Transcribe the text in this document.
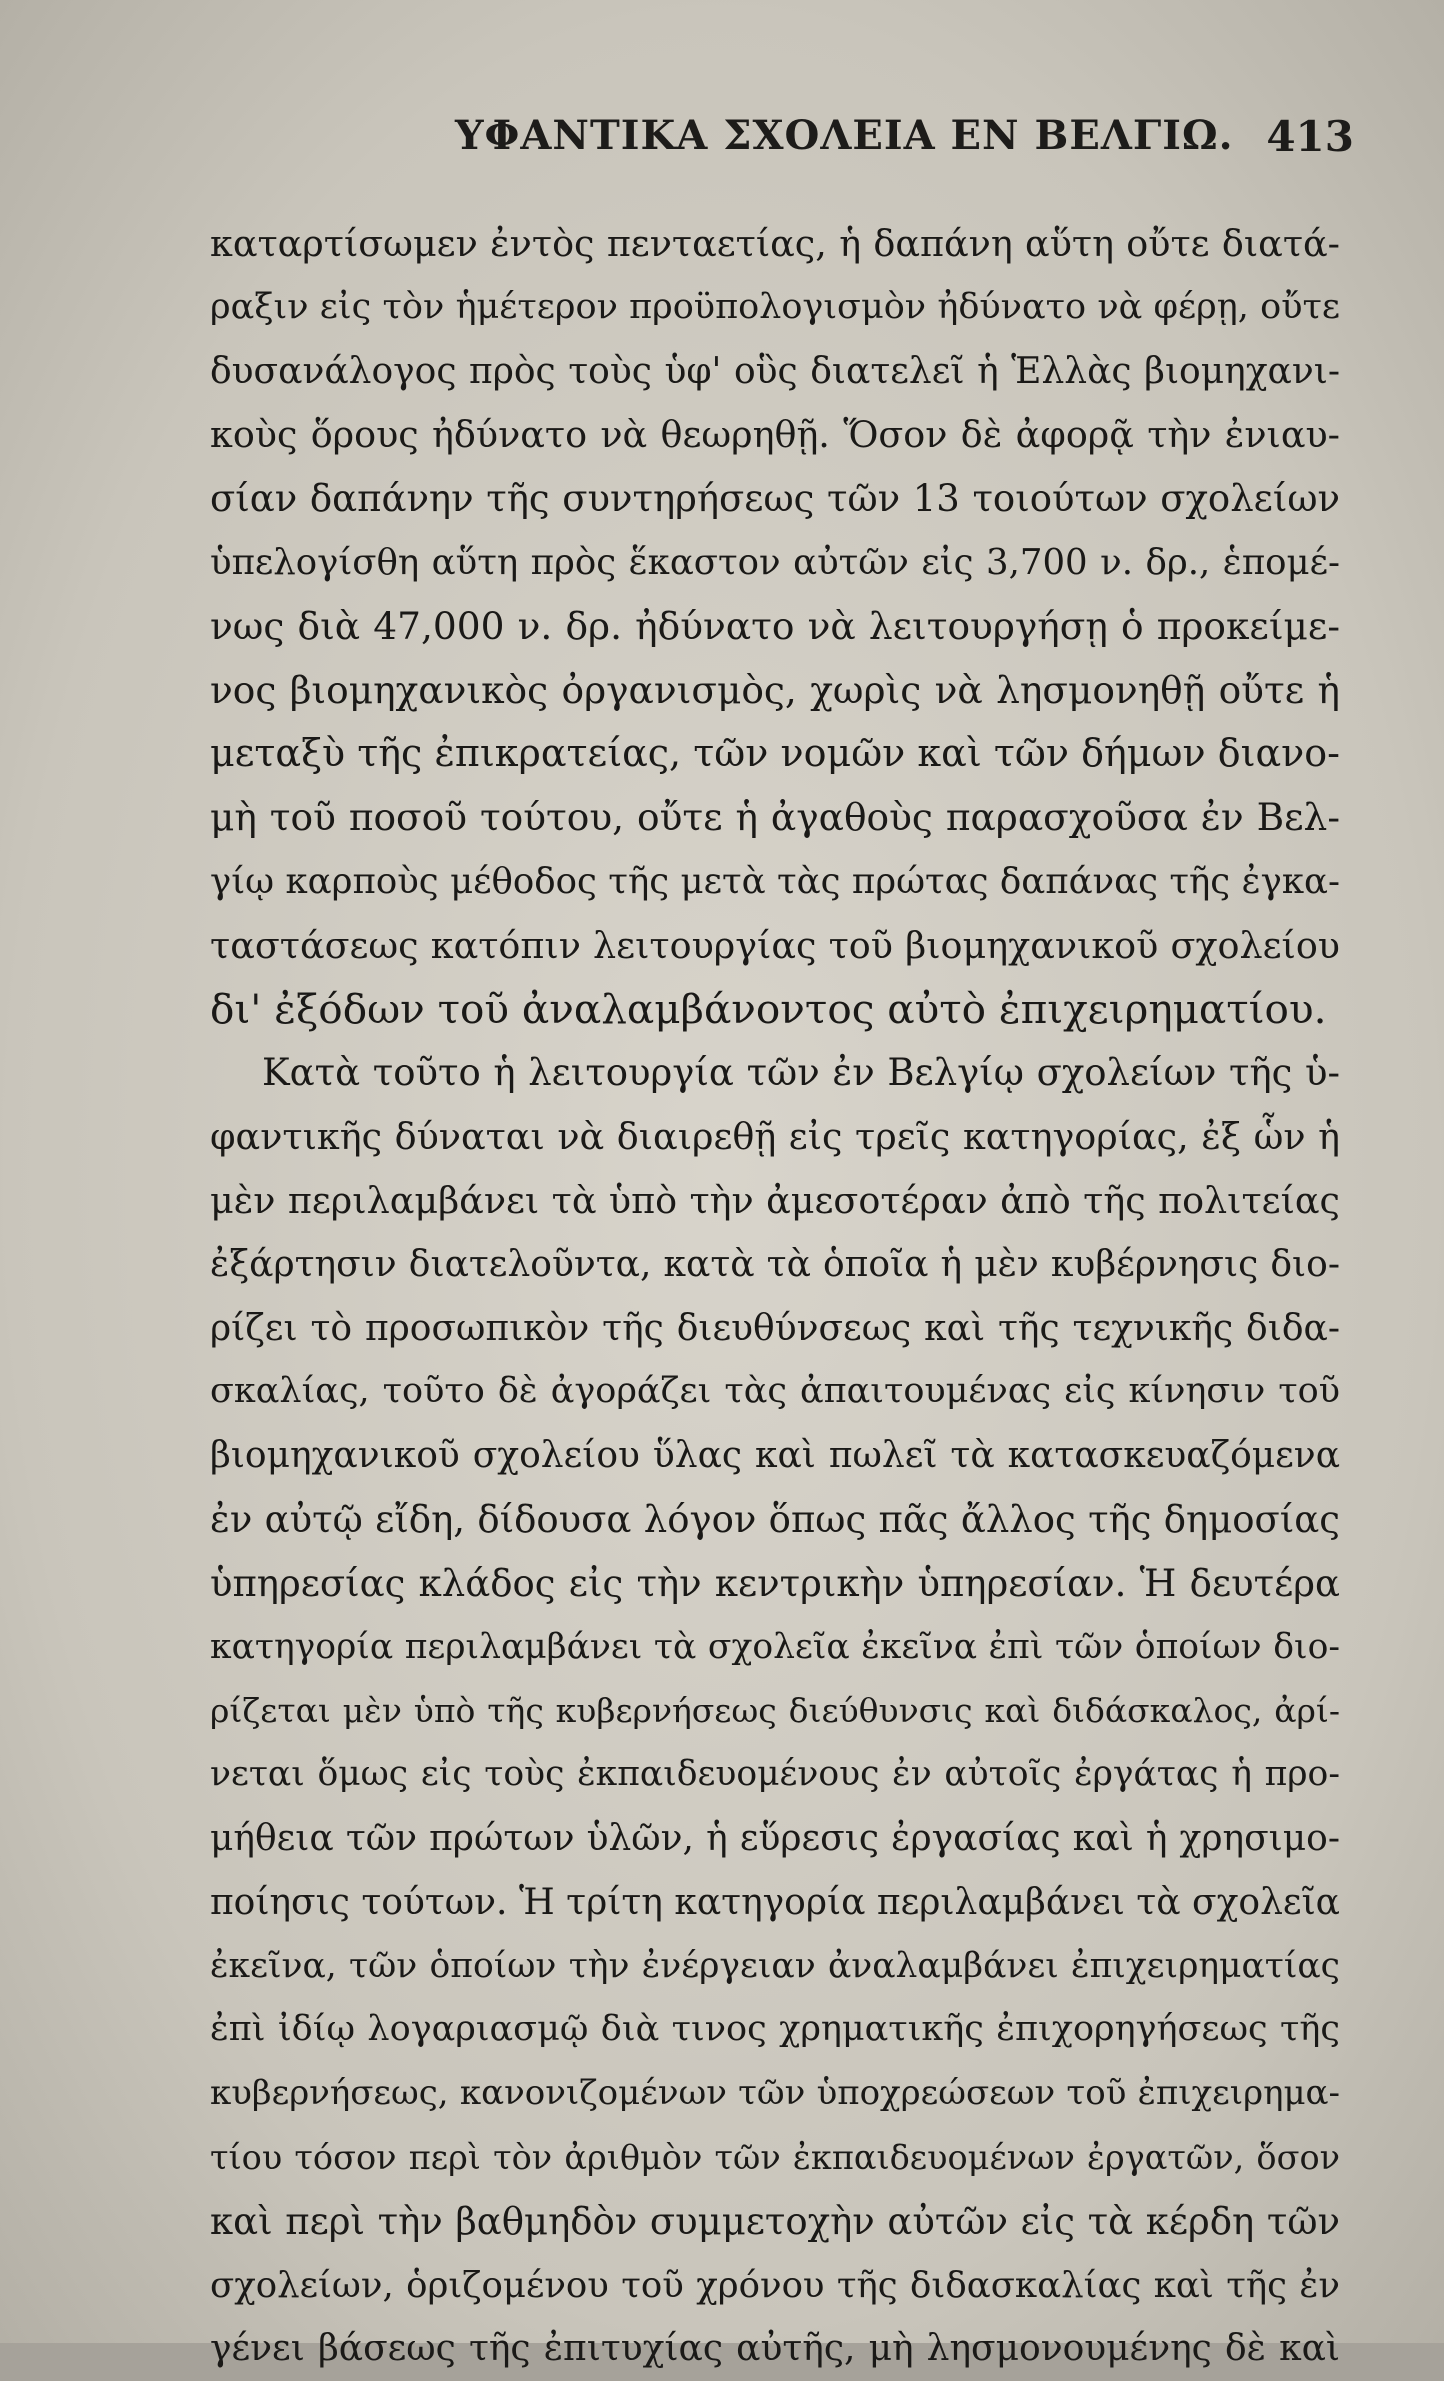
ΥΦΑΝΤΙΚΑ ΣΧΟΛΕΙΑ ΕΝ ΒΕΛΓΙΩ. 413
καταρτίσωμεν ἐντὸς πενταετίας, ἡ δαπάνη αὕτη οὔτε διατά-
ραξιν εἰς τὸν ἡμέτερον προϋπολογισμὸν ἠδύνατο νὰ φέρῃ, οὔτε
δυσανάλογος πρὸς τοὺς ὑφ' οὓς διατελεῖ ἡ Ἑλλὰς βιομηχανι-
κοὺς ὅρους ἠδύνατο νὰ θεωρηθῇ. Ὅσον δὲ ἀφορᾷ τὴν ἐνιαυ-
σίαν δαπάνην τῆς συντηρήσεως τῶν 13 τοιούτων σχολείων
ὑπελογίσθη αὕτη πρὸς ἕκαστον αὐτῶν εἰς 3,700 ν. δρ., ἑπομέ-
νως διὰ 47,000 ν. δρ. ἠδύνατο νὰ λειτουργήσῃ ὁ προκείμε-
νος βιομηχανικὸς ὀργανισμὸς, χωρὶς νὰ λησμονηθῇ οὔτε ἡ
μεταξὺ τῆς ἐπικρατείας, τῶν νομῶν καὶ τῶν δήμων διανο-
μὴ τοῦ ποσοῦ τούτου, οὔτε ἡ ἀγαθοὺς παρασχοῦσα ἐν Βελ-
γίῳ καρποὺς μέθοδος τῆς μετὰ τὰς πρώτας δαπάνας τῆς ἐγκα-
ταστάσεως κατόπιν λειτουργίας τοῦ βιομηχανικοῦ σχολείου
δι' ἐξόδων τοῦ ἀναλαμβάνοντος αὐτὸ ἐπιχειρηματίου.
Κατὰ τοῦτο ἡ λειτουργία τῶν ἐν Βελγίῳ σχολείων τῆς ὑ-
φαντικῆς δύναται νὰ διαιρεθῇ εἰς τρεῖς κατηγορίας, ἐξ ὧν ἡ
μὲν περιλαμβάνει τὰ ὑπὸ τὴν ἀμεσοτέραν ἀπὸ τῆς πολιτείας
ἐξάρτησιν διατελοῦντα, κατὰ τὰ ὁποῖα ἡ μὲν κυβέρνησις διο-
ρίζει τὸ προσωπικὸν τῆς διευθύνσεως καὶ τῆς τεχνικῆς διδα-
σκαλίας, τοῦτο δὲ ἀγοράζει τὰς ἀπαιτουμένας εἰς κίνησιν τοῦ
βιομηχανικοῦ σχολείου ὕλας καὶ πωλεῖ τὰ κατασκευαζόμενα
ἐν αὐτῷ εἴδη, δίδουσα λόγον ὅπως πᾶς ἄλλος τῆς δημοσίας
ὑπηρεσίας κλάδος εἰς τὴν κεντρικὴν ὑπηρεσίαν. Ἡ δευτέρα
κατηγορία περιλαμβάνει τὰ σχολεῖα ἐκεῖνα ἐπὶ τῶν ὁποίων διο-
ρίζεται μὲν ὑπὸ τῆς κυβερνήσεως διεύθυνσις καὶ διδάσκαλος, ἀρί-
νεται ὅμως εἰς τοὺς ἐκπαιδευομένους ἐν αὐτοῖς ἐργάτας ἡ προ-
μήθεια τῶν πρώτων ὑλῶν, ἡ εὕρεσις ἐργασίας καὶ ἡ χρησιμο-
ποίησις τούτων. Ἡ τρίτη κατηγορία περιλαμβάνει τὰ σχολεῖα
ἐκεῖνα, τῶν ὁποίων τὴν ἐνέργειαν ἀναλαμβάνει ἐπιχειρηματίας
ἐπὶ ἰδίῳ λογαριασμῷ διὰ τινος χρηματικῆς ἐπιχορηγήσεως τῆς
κυβερνήσεως, κανονιζομένων τῶν ὑποχρεώσεων τοῦ ἐπιχειρημα-
τίου τόσον περὶ τὸν ἀριθμὸν τῶν ἐκπαιδευομένων ἐργατῶν, ὅσον
καὶ περὶ τὴν βαθμηδὸν συμμετοχὴν αὐτῶν εἰς τὰ κέρδη τῶν
σχολείων, ὁριζομένου τοῦ χρόνου τῆς διδασκαλίας καὶ τῆς ἐν
γένει βάσεως τῆς ἐπιτυχίας αὐτῆς, μὴ λησμονουμένης δὲ καὶ
